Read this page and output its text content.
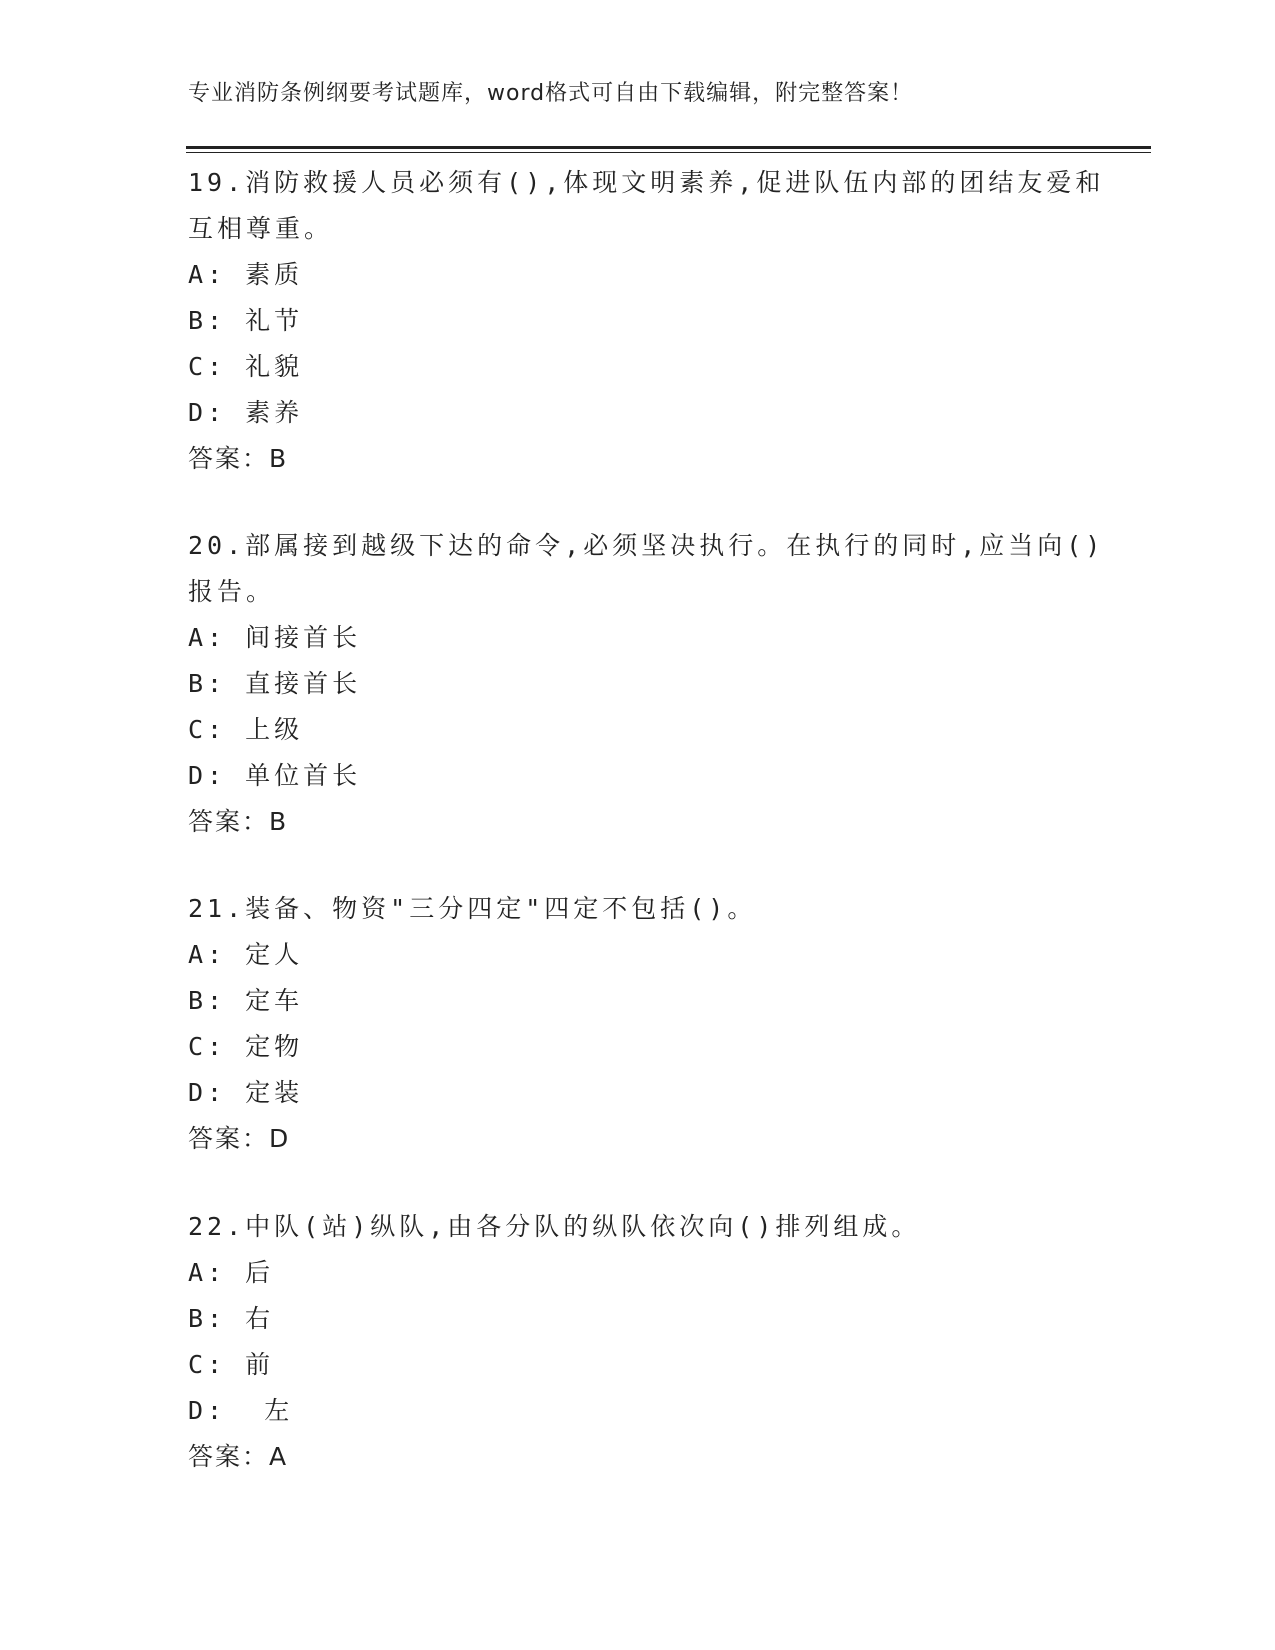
专业消防条例纲要考试题库，word格式可自由下载编辑，附完整答案！
19.消防救援人员必须有(),体现文明素养,促进队伍内部的团结友爱和
互相尊重。
A: 素质
B: 礼节
C: 礼貌
D: 素养
答案：B
20.部属接到越级下达的命令,必须坚决执行。在执行的同时,应当向()
报告。
A: 间接首长
B: 直接首长
C: 上级
D: 单位首长
答案：B
21.装备、物资"三分四定"四定不包括()。
A: 定人
B: 定车
C: 定物
D: 定装
答案：D
22.中队(站)纵队,由各分队的纵队依次向()排列组成。
A: 后
B: 右
C: 前
D:  左
答案：A
